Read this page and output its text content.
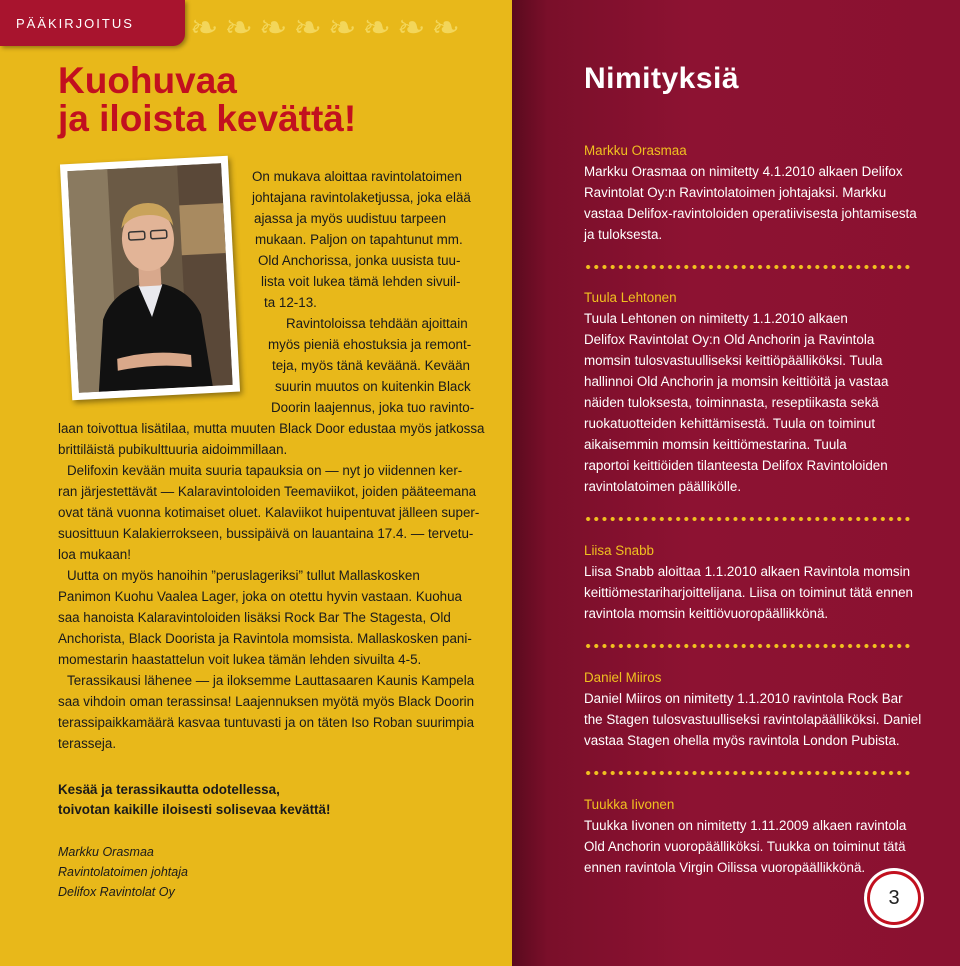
PÄÄKIRJOITUS ❧ ❧ ❧ ❧ ❧ ❧ ❧ ❧
Kuohuvaa
ja iloista kevättä!
On mukava aloittaa ravintolatoimen
johtajana ravintolaketjussa, joka elää
ajassa ja myös uudistuu tarpeen
mukaan. Paljon on tapahtunut mm.
Old Anchorissa, jonka uusista tuu-
lista voit lukea tämä lehden sivuil-
ta 12-13.
Ravintoloissa tehdään ajoittain
myös pieniä ehostuksia ja remont-
teja, myös tänä keväänä. Kevään
suurin muutos on kuitenkin Black
Doorin laajennus, joka tuo ravinto-
laan toivottua lisätilaa, mutta muuten Black Door edustaa myös jatkossa
brittiläistä pubikulttuuria aidoimmillaan.
Delifoxin kevään muita suuria tapauksia on — nyt jo viidennen ker-
ran järjestettävät — Kalaravintoloiden Teemaviikot, joiden pääteemana
ovat tänä vuonna kotimaiset oluet. Kalaviikot huipentuvat jälleen super-
suosittuun Kalakierrokseen, bussipäivä on lauantaina 17.4. — tervetu-
loa mukaan!
Uutta on myös hanoihin ”peruslageriksi” tullut Mallaskosken
Panimon Kuohu Vaalea Lager, joka on otettu hyvin vastaan. Kuohua
saa hanoista Kalaravintoloiden lisäksi Rock Bar The Stagesta, Old
Anchorista, Black Doorista ja Ravintola momsista. Mallaskosken pani-
momestarin haastattelun voit lukea tämän lehden sivuilta 4-5.
Terassikausi lähenee — ja iloksemme Lauttasaaren Kaunis Kampela
saa vihdoin oman terassinsa! Laajennuksen myötä myös Black Doorin
terassipaikkamäärä kasvaa tuntuvasti ja on täten Iso Roban suurimpia
terasseja.
Kesää ja terassikautta odotellessa,
toivotan kaikille iloisesti solisevaa kevättä!
Markku Orasmaa
Ravintolatoimen johtaja
Delifox Ravintolat Oy
Nimityksiä
Markku Orasmaa
Markku Orasmaa on nimitetty 4.1.2010 alkaen Delifox
Ravintolat Oy:n Ravintolatoimen johtajaksi. Markku
vastaa Delifox-ravintoloiden operatiivisesta johtamisesta
ja tuloksesta.
Tuula Lehtonen
Tuula Lehtonen on nimitetty 1.1.2010 alkaen
Delifox Ravintolat Oy:n Old Anchorin ja Ravintola
momsin tulosvastuulliseksi keittiöpäälliköksi. Tuula
hallinnoi Old Anchorin ja momsin keittiöitä ja vastaa
näiden tuloksesta, toiminnasta, reseptiikasta sekä
ruokatuotteiden kehittämisestä. Tuula on toiminut
aikaisemmin momsin keittiömestarina. Tuula
raportoi keittiöiden tilanteesta Delifox Ravintoloiden
ravintolatoimen päällikölle.
Liisa Snabb
Liisa Snabb aloittaa 1.1.2010 alkaen Ravintola momsin
keittiömestariharjoittelijana. Liisa on toiminut tätä ennen
ravintola momsin keittiövuoropäällikkönä.
Daniel Miiros
Daniel Miiros on nimitetty 1.1.2010 ravintola Rock Bar
the Stagen tulosvastuulliseksi ravintolapäälliköksi. Daniel
vastaa Stagen ohella myös ravintola London Pubista.
Tuukka Iivonen
Tuukka Iivonen on nimitetty 1.11.2009 alkaen ravintola
Old Anchorin vuoropäälliköksi. Tuukka on toiminut tätä
ennen ravintola Virgin Oilissa vuoropäällikkönä.
3
